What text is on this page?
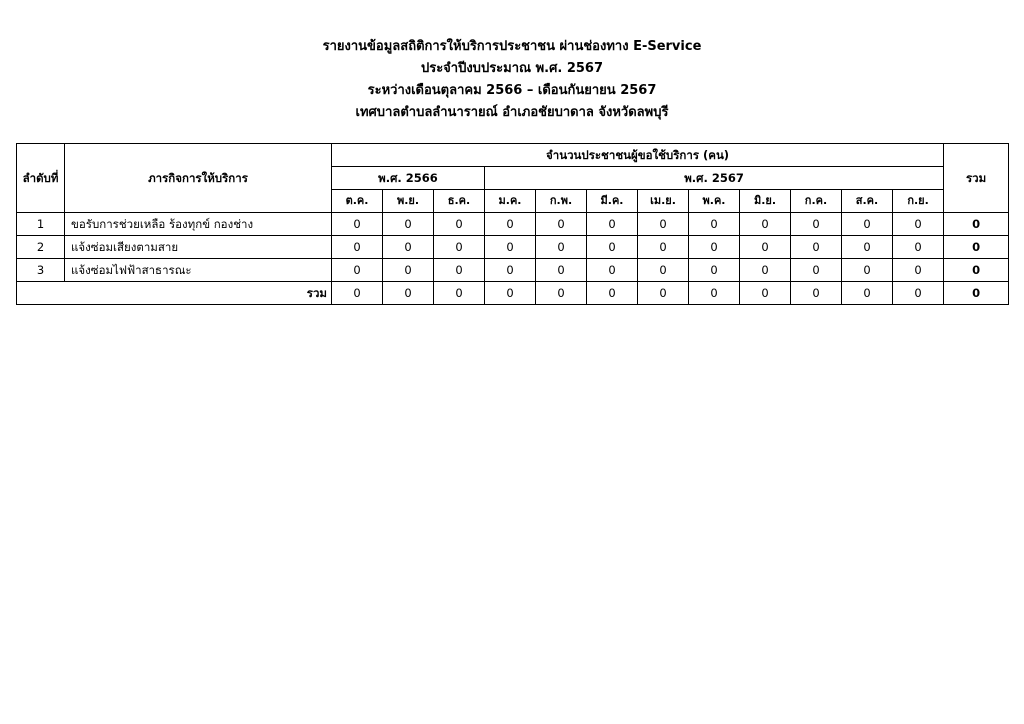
รายงานข้อมูลสถิติการให้บริการประชาชน ผ่านช่องทาง E-Service
ประจำปีงบประมาณ พ.ศ. 2567
ระหว่างเดือนตุลาคม 2566 – เดือนกันยายน 2567
เทศบาลตำบลลำนารายณ์ อำเภอชัยบาดาล จังหวัดลพบุรี
ลำดับที่	ภารกิจการให้บริการ	จำนวนประชาชนผู้ขอใช้บริการ (คน)												รวม
		พ.ศ. 2566			พ.ศ. 2567									
		ต.ค.	พ.ย.	ธ.ค.	ม.ค.	ก.พ.	มี.ค.	เม.ย.	พ.ค.	มิ.ย.	ก.ค.	ส.ค.	ก.ย.	
1	ขอรับการช่วยเหลือ ร้องทุกข์ กองช่าง	0	0	0	0	0	0	0	0	0	0	0	0	0
2	แจ้งซ่อมเสียงตามสาย	0	0	0	0	0	0	0	0	0	0	0	0	0
3	แจ้งซ่อมไฟฟ้าสาธารณะ	0	0	0	0	0	0	0	0	0	0	0	0	0
รวม		0	0	0	0	0	0	0	0	0	0	0	0	0
